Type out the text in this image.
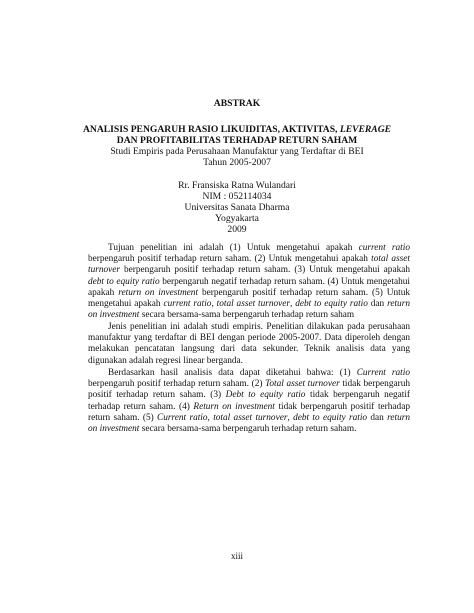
ABSTRAK
ANALISIS PENGARUH RASIO LIKUIDITAS, AKTIVITAS, LEVERAGE
DAN PROFITABILITAS TERHADAP RETURN SAHAM
Studi Empiris pada Perusahaan Manufaktur yang Terdaftar di BEI
Tahun 2005-2007
Rr. Fransiska Ratna Wulandari
NIM : 052114034
Universitas Sanata Dharma
Yogyakarta
2009
Tujuan penelitian ini adalah (1) Untuk mengetahui apakah current ratio
berpengaruh positif terhadap return saham. (2) Untuk mengetahui apakah total asset
turnover berpengaruh positif terhadap return saham. (3) Untuk mengetahui apakah
debt to equity ratio berpengaruh negatif terhadap return saham. (4) Untuk mengetahui
apakah return on investment berpengaruh positif terhadap return saham. (5) Untuk
mengetahui apakah current ratio, total asset turnover, debt to equity ratio dan return
on investment secara bersama-sama berpengaruh terhadap return saham
Jenis penelitian ini adalah studi empiris. Penelitian dilakukan pada perusahaan
manufaktur yang terdaftar di BEI dengan periode 2005-2007. Data diperoleh dengan
melakukan pencatatan langsung dari data sekunder. Teknik analisis data yang
digunakan adalah regresi linear berganda.
Berdasarkan hasil analisis data dapat diketahui bahwa: (1) Current ratio
berpengaruh positif terhadap return saham. (2) Total asset turnover tidak berpengaruh
positif terhadap return saham. (3) Debt to equity ratio tidak berpengaruh negatif
terhadap return saham. (4) Return on investment tidak berpengaruh positif terhadap
return saham. (5) Current ratio, total asset turnover, debt to equity ratio dan return
on investment secara bersama-sama berpengaruh terhadap return saham.
xiii
